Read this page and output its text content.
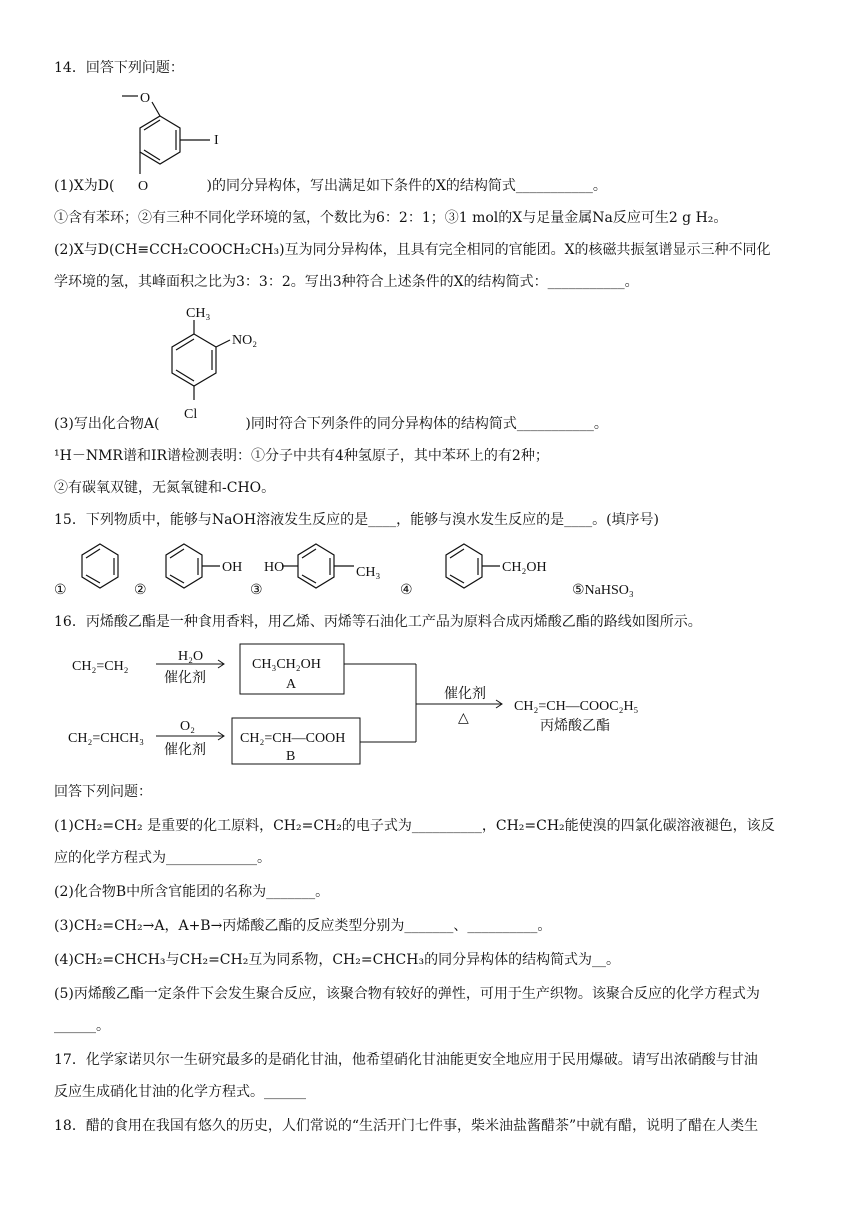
14．回答下列问题：
O
I
O
(1)X为D(	)的同分异构体，写出满足如下条件的X的结构简式___________。
①含有苯环；②有三种不同化学环境的氢，个数比为6：2：1；③1 mol的X与足量金属Na反应可生2 g H₂。
(2)X与D(CH≡CCH₂COOCH₂CH₃)互为同分异构体，且具有完全相同的官能团。X的核磁共振氢谱显示三种不同化
学环境的氢，其峰面积之比为3：3：2。写出3种符合上述条件的X的结构简式：___________。
CH₃
NO₂
Cl
(3)写出化合物A(	)同时符合下列条件的同分异构体的结构简式___________。
¹H－NMR谱和IR谱检测表明：①分子中共有4种氢原子，其中苯环上的有2种；
②有碳氧双键，无氮氧键和-CHO。
15．下列物质中，能够与NaOH溶液发生反应的是____，能够与溴水发生反应的是____。(填序号)
①	②
OH
③
HO	CH₃
④
CH₂OH
⑤NaHSO₃
16．丙烯酸乙酯是一种食用香料，用乙烯、丙烯等石油化工产品为原料合成丙烯酸乙酯的路线如图所示。
CH₂=CH₂
H₂O
催化剂
CH₃CH₂OH
A
CH₂=CHCH₃
O₂
催化剂
CH₂=CH—COOH
B
催化剂
△
CH₂=CH—COOC₂H₅
丙烯酸乙酯
回答下列问题：
(1)CH₂=CH₂ 是重要的化工原料，CH₂=CH₂的电子式为__________，CH₂=CH₂能使溴的四氯化碳溶液褪色，该反
应的化学方程式为_____________。
(2)化合物B中所含官能团的名称为_______。
(3)CH₂=CH₂→A，A+B→丙烯酸乙酯的反应类型分别为_______、__________。
(4)CH₂=CHCH₃与CH₂=CH₂互为同系物，CH₂=CHCH₃的同分异构体的结构简式为__。
(5)丙烯酸乙酯一定条件下会发生聚合反应，该聚合物有较好的弹性，可用于生产织物。该聚合反应的化学方程式为
______。
17．化学家诺贝尔一生研究最多的是硝化甘油，他希望硝化甘油能更安全地应用于民用爆破。请写出浓硝酸与甘油
反应生成硝化甘油的化学方程式。______
18．醋的食用在我国有悠久的历史，人们常说的“生活开门七件事，柴米油盐酱醋茶”中就有醋，说明了醋在人类生
